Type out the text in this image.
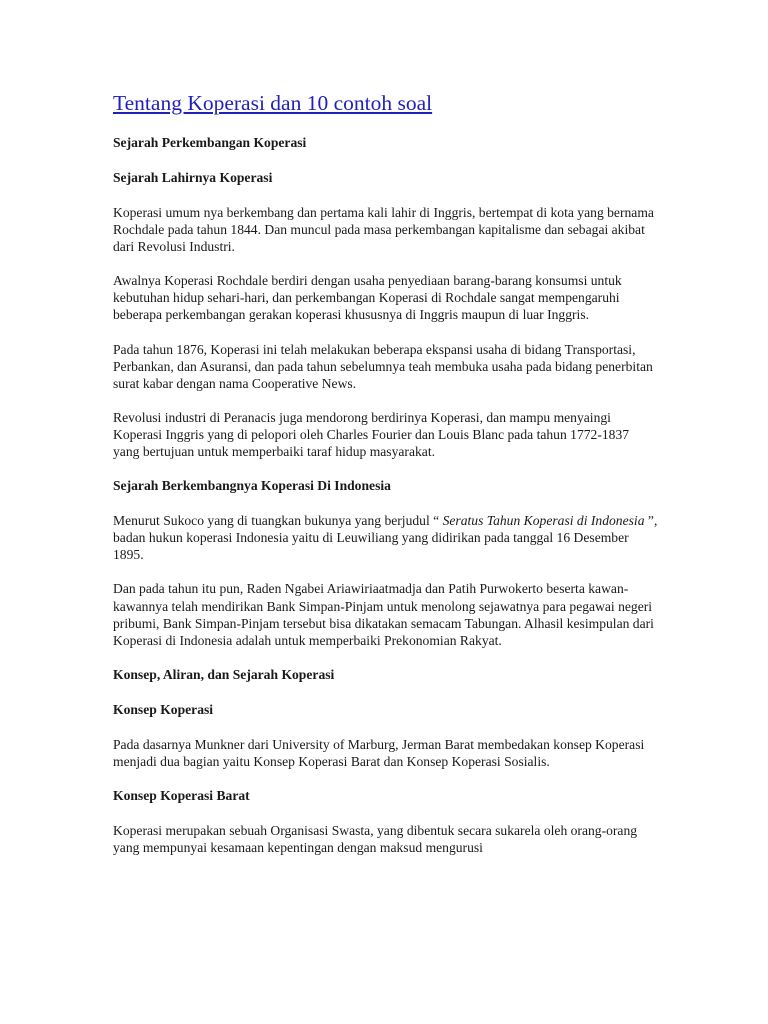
Tentang Koperasi dan 10 contoh soal
Sejarah Perkembangan Koperasi
Sejarah Lahirnya Koperasi

Koperasi umum nya berkembang dan pertama kali lahir di Inggris, bertempat di kota yang bernama Rochdale pada tahun 1844. Dan muncul pada masa perkembangan kapitalisme dan sebagai akibat dari Revolusi Industri.

Awalnya Koperasi Rochdale berdiri dengan usaha penyediaan barang-barang konsumsi untuk kebutuhan hidup sehari-hari, dan perkembangan Koperasi di Rochdale sangat mempengaruhi beberapa perkembangan gerakan koperasi khususnya di Inggris maupun di luar Inggris.

Pada tahun 1876, Koperasi ini telah melakukan beberapa ekspansi usaha di bidang Transportasi, Perbankan, dan Asuransi, dan pada tahun sebelumnya teah membuka usaha pada bidang penerbitan surat kabar dengan nama Cooperative News.

Revolusi industri di Peranacis juga mendorong berdirinya Koperasi, dan mampu menyaingi Koperasi Inggris yang di pelopori oleh Charles Fourier dan Louis Blanc pada tahun 1772-1837 yang bertujuan untuk memperbaiki taraf hidup masyarakat.

Sejarah Berkembangnya Koperasi Di Indonesia

Menurut Sukoco yang di tuangkan bukunya yang berjudul “ Seratus Tahun Koperasi di Indonesia ”, badan hukun koperasi Indonesia yaitu di Leuwiliang yang didirikan pada tanggal 16 Desember 1895.

Dan pada tahun itu pun, Raden Ngabei Ariawiriaatmadja dan Patih Purwokerto beserta kawan-kawannya telah mendirikan Bank Simpan-Pinjam untuk menolong sejawatnya para pegawai negeri pribumi, Bank Simpan-Pinjam tersebut bisa dikatakan semacam Tabungan. Alhasil kesimpulan dari Koperasi di Indonesia adalah untuk memperbaiki Prekonomian Rakyat.

Konsep, Aliran, dan Sejarah Koperasi
Konsep Koperasi

Pada dasarnya Munkner dari University of Marburg, Jerman Barat membedakan konsep Koperasi menjadi dua bagian yaitu Konsep Koperasi Barat dan Konsep Koperasi Sosialis.

Konsep Koperasi Barat

Koperasi merupakan sebuah Organisasi Swasta, yang dibentuk secara sukarela oleh orang-orang yang mempunyai kesamaan kepentingan dengan maksud mengurusi
